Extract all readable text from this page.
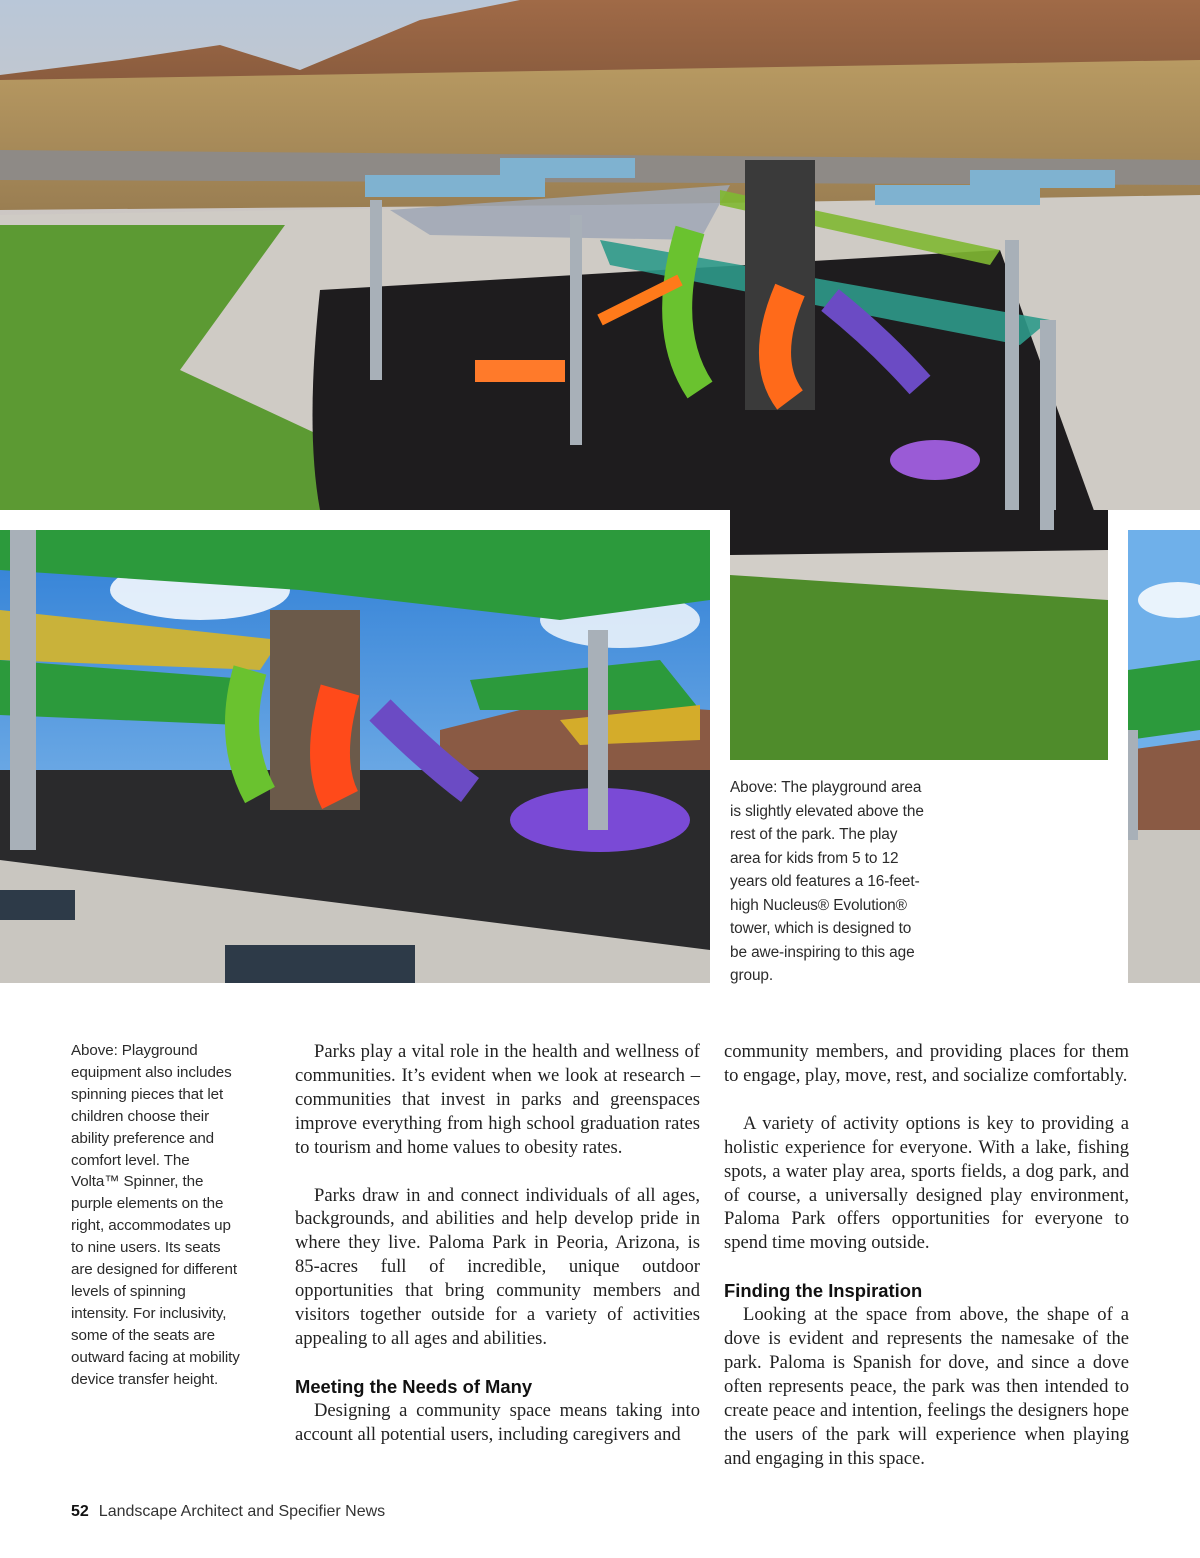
Above: The playground area is slightly elevated above the rest of the park. The play area for kids from 5 to 12 years old features a 16-feet-high Nucleus® Evolution® tower, which is designed to be awe-inspiring to this age group.
Above: Playground equipment also includes spinning pieces that let children choose their ability preference and comfort level. The Volta™ Spinner, the purple elements on the right, accommodates up to nine users. Its seats are designed for different levels of spinning intensity. For inclusivity, some of the seats are outward facing at mobility device transfer height.

Parks play a vital role in the health and wellness of communities. It’s evident when we look at research – communities that invest in parks and greenspaces improve everything from high school graduation rates to tourism and home values to obesity rates.

Parks draw in and connect individuals of all ages, backgrounds, and abilities and help develop pride in where they live. Paloma Park in Peoria, Arizona, is 85-acres full of incredible, unique outdoor opportunities that bring community members and visitors together outside for a variety of activities appealing to all ages and abilities.

Meeting the Needs of Many

Designing a community space means taking into account all potential users, including caregivers and

community members, and providing places for them to engage, play, move, rest, and socialize comfortably.

A variety of activity options is key to providing a holistic experience for everyone. With a lake, fishing spots, a water play area, sports fields, a dog park, and of course, a universally designed play environment, Paloma Park offers opportunities for everyone to spend time moving outside.

Finding the Inspiration

Looking at the space from above, the shape of a dove is evident and represents the namesake of the park. Paloma is Spanish for dove, and since a dove often represents peace, the park was then intended to create peace and intention, feelings the designers hope the users of the park will experience when playing and engaging in this space.

52 Landscape Architect and Specifier News
